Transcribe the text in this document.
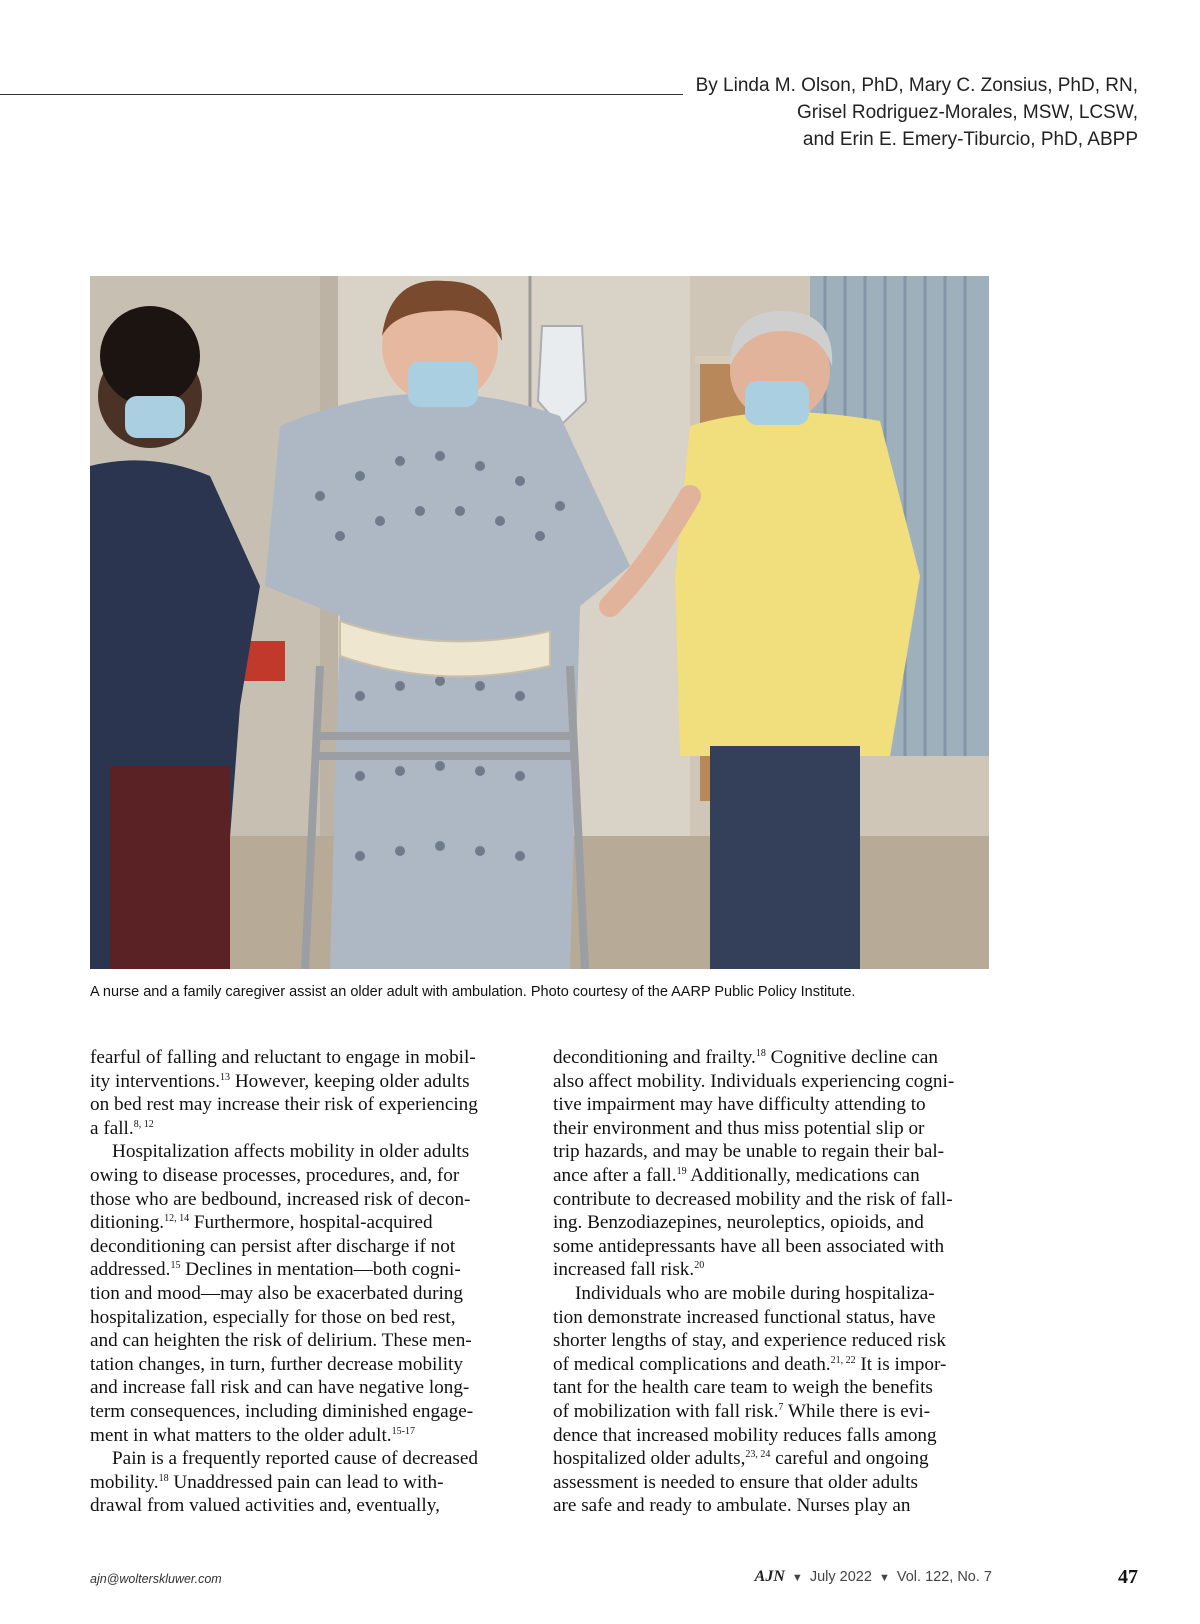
By Linda M. Olson, PhD, Mary C. Zonsius, PhD, RN,
Grisel Rodriguez-Morales, MSW, LCSW,
and Erin E. Emery-Tiburcio, PhD, ABPP
A nurse and a family caregiver assist an older adult with ambulation. Photo courtesy of the AARP Public Policy Institute.
fearful of falling and reluctant to engage in mobil-
ity interventions.$^{13}$ However, keeping older adults
on bed rest may increase their risk of experiencing
a fall.$^{8, 12}$
Hospitalization affects mobility in older adults
owing to disease processes, procedures, and, for
those who are bedbound, increased risk of decon-
ditioning.$^{12, 14}$ Furthermore, hospital-acquired
deconditioning can persist after discharge if not
addressed.$^{15}$ Declines in mentation—both cogni-
tion and mood—may also be exacerbated during
hospitalization, especially for those on bed rest,
and can heighten the risk of delirium. These men-
tation changes, in turn, further decrease mobility
and increase fall risk and can have negative long-
term consequences, including diminished engage-
ment in what matters to the older adult.$^{15-17}$
Pain is a frequently reported cause of decreased
mobility.$^{18}$ Unaddressed pain can lead to with-
drawal from valued activities and, eventually,
deconditioning and frailty.$^{18}$ Cognitive decline can
also affect mobility. Individuals experiencing cogni-
tive impairment may have difficulty attending to
their environment and thus miss potential slip or
trip hazards, and may be unable to regain their bal-
ance after a fall.$^{19}$ Additionally, medications can
contribute to decreased mobility and the risk of fall-
ing. Benzodiazepines, neuroleptics, opioids, and
some antidepressants have all been associated with
increased fall risk.$^{20}$
Individuals who are mobile during hospitaliza-
tion demonstrate increased functional status, have
shorter lengths of stay, and experience reduced risk
of medical complications and death.$^{21, 22}$ It is impor-
tant for the health care team to weigh the benefits
of mobilization with fall risk.$^7$ While there is evi-
dence that increased mobility reduces falls among
hospitalized older adults,$^{23, 24}$ careful and ongoing
assessment is needed to ensure that older adults
are safe and ready to ambulate. Nurses play an
ajn@wolterskluwer.com	AJN ▼ July 2022 ▼ Vol. 122, No. 7	47
